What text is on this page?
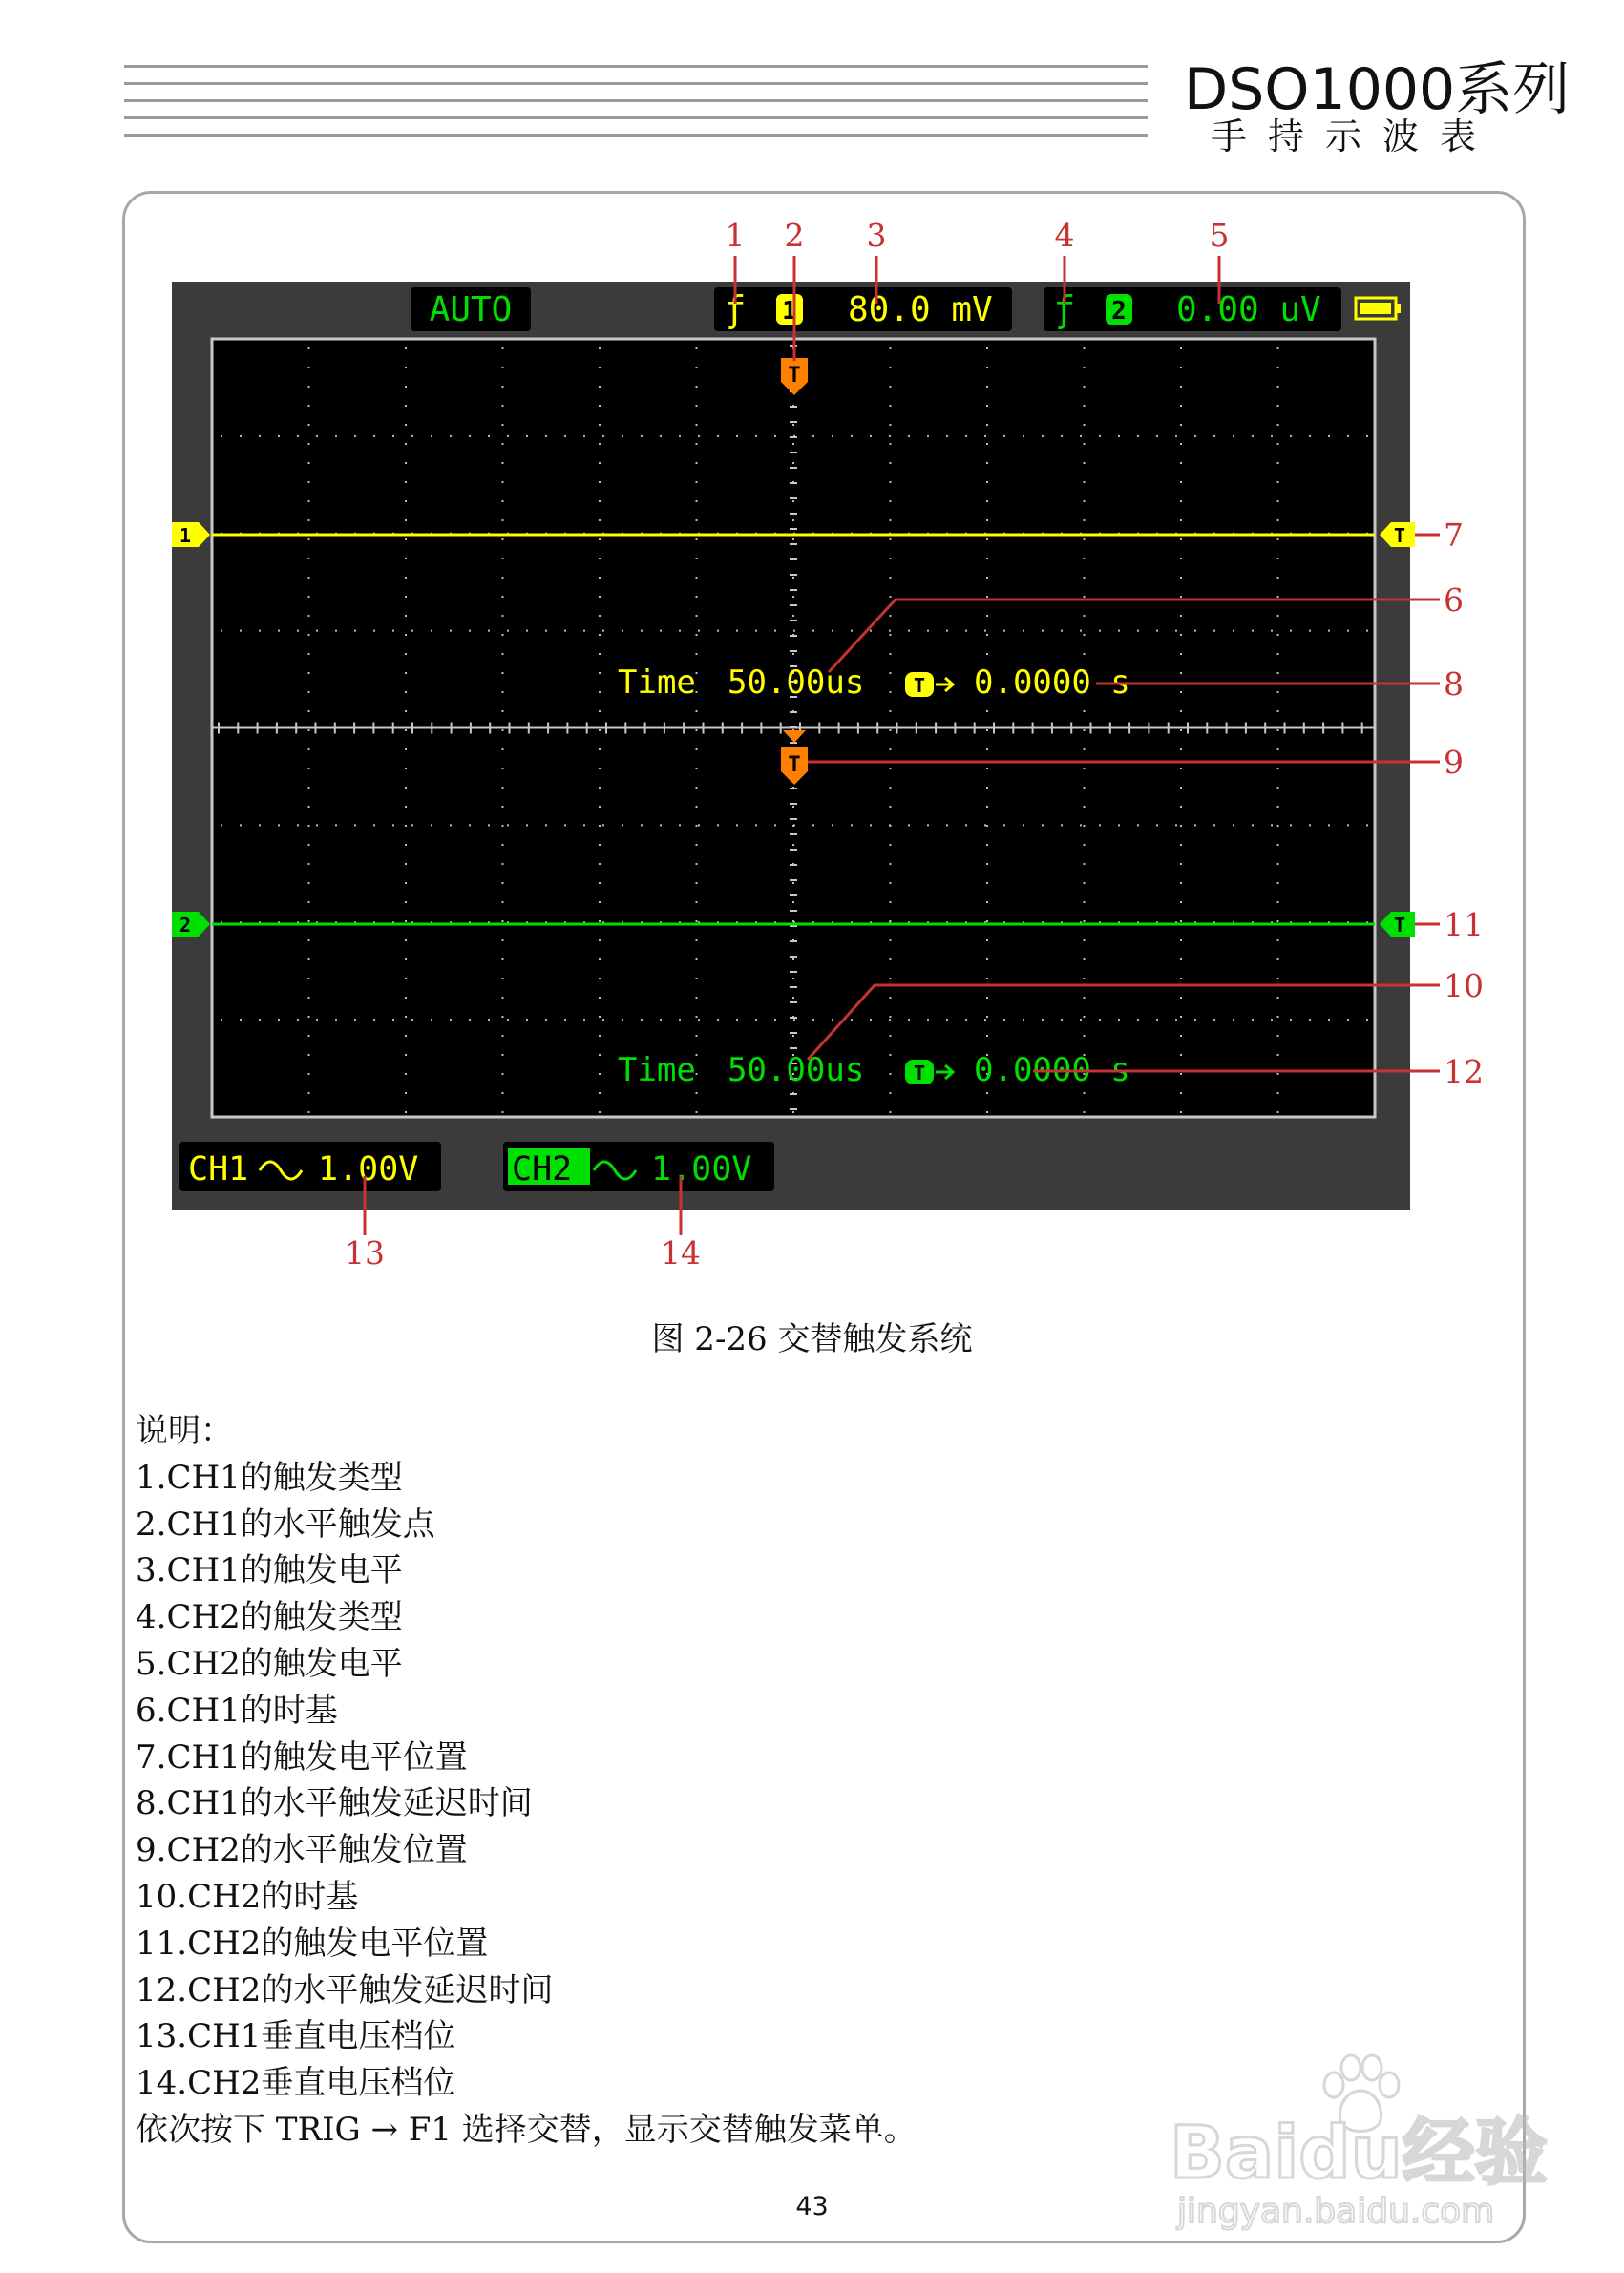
DSO1000系列
手持示波表
AUTO	ƒ 1 80.0 mV ƒ 2 0.00 uV
T
T
1	T
2	T
Time 50.00us	T 0.0000 s
Time 50.00us	T 0.0000 s
CH1 1.00V	CH2 1.00V
1 2 3	4	5
6
7
8
9
10
11
12
13	14
图 2-26 交替触发系统
说明：
1.CH1的触发类型
2.CH1的水平触发点
3.CH1的触发电平
4.CH2的触发类型
5.CH2的触发电平
6.CH1的时基
7.CH1的触发电平位置
8.CH1的水平触发延迟时间
9.CH2的水平触发位置
10.CH2的时基
11.CH2的触发电平位置
12.CH2的水平触发延迟时间
13.CH1垂直电压档位
14.CH2垂直电压档位
依次按下 TRIG → F1 选择交替，显示交替触发菜单。
43
Baidu经验
jingyan.baidu.com
